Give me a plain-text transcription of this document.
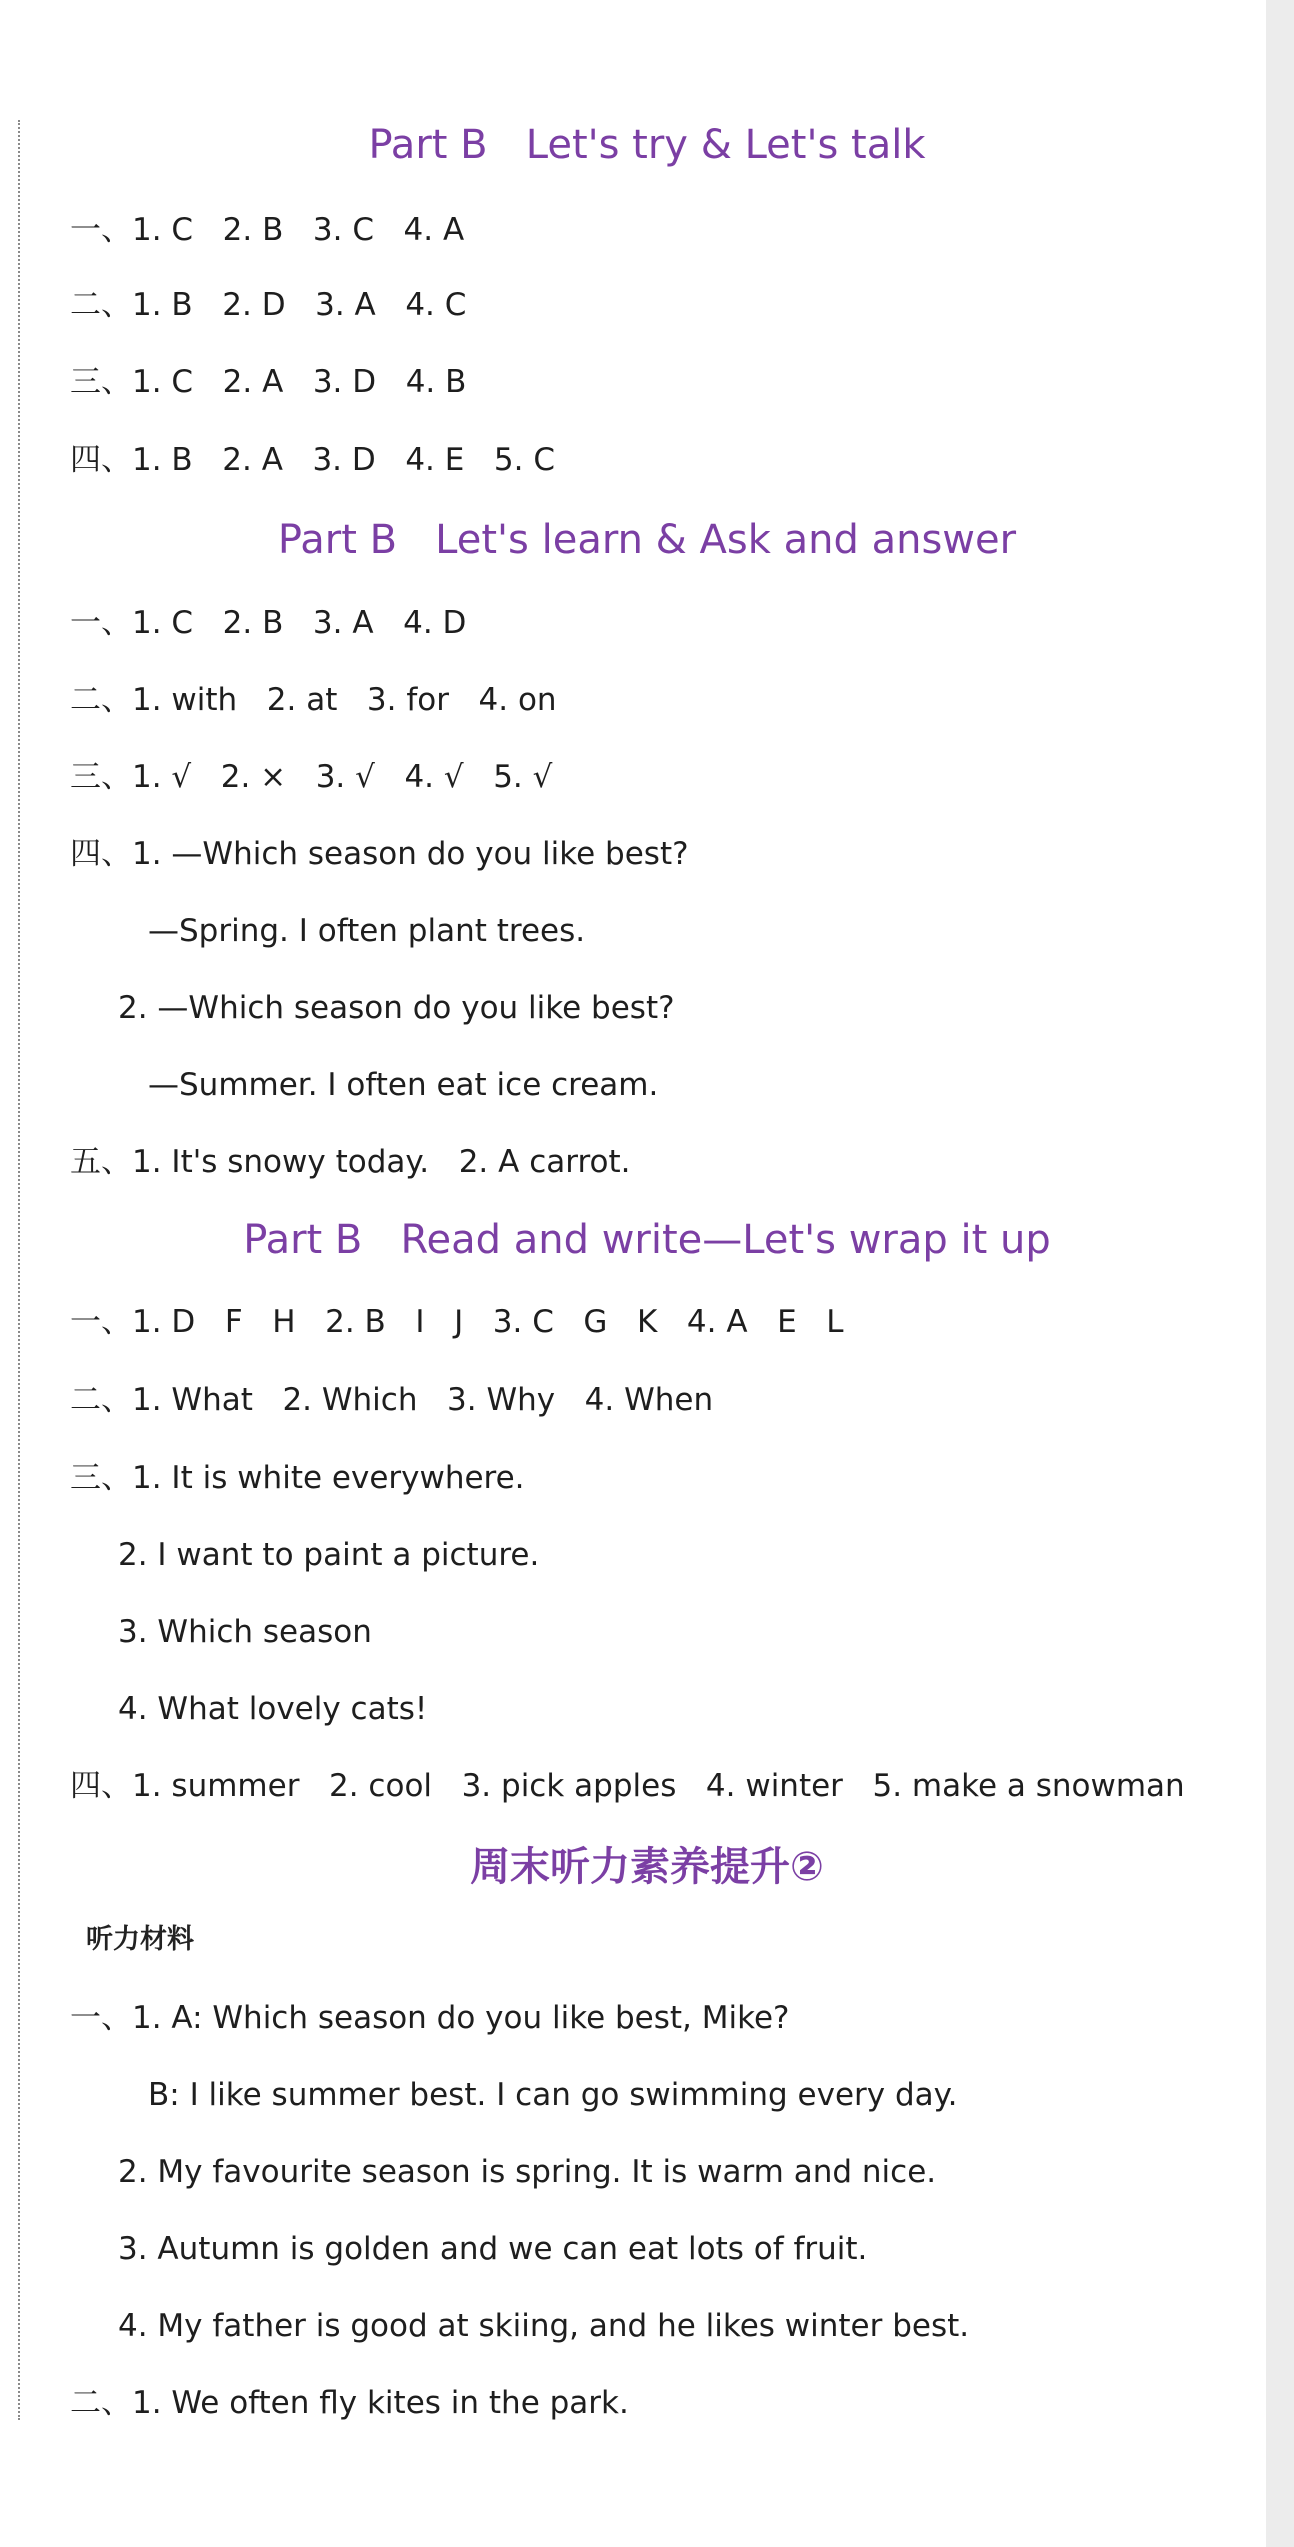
Part B   Let's try & Let's talk
一、1. C   2. B   3. C   4. A
二、1. B   2. D   3. A   4. C
三、1. C   2. A   3. D   4. B
四、1. B   2. A   3. D   4. E   5. C
Part B   Let's learn & Ask and answer
一、1. C   2. B   3. A   4. D
二、1. with   2. at   3. for   4. on
三、1. √   2. ×   3. √   4. √   5. √
四、1. —Which season do you like best?
—Spring. I often plant trees.
2. —Which season do you like best?
—Summer. I often eat ice cream.
五、1. It's snowy today.   2. A carrot.
Part B   Read and write—Let's wrap it up
一、1. D   F   H   2. B   I   J   3. C   G   K   4. A   E   L
二、1. What   2. Which   3. Why   4. When
三、1. It is white everywhere.
2. I want to paint a picture.
3. Which season
4. What lovely cats!
四、1. summer   2. cool   3. pick apples   4. winter   5. make a snowman
周末听力素养提升②
听力材料
一、1. A: Which season do you like best, Mike?
B: I like summer best. I can go swimming every day.
2. My favourite season is spring. It is warm and nice.
3. Autumn is golden and we can eat lots of fruit.
4. My father is good at skiing, and he likes winter best.
二、1. We often fly kites in the park.
